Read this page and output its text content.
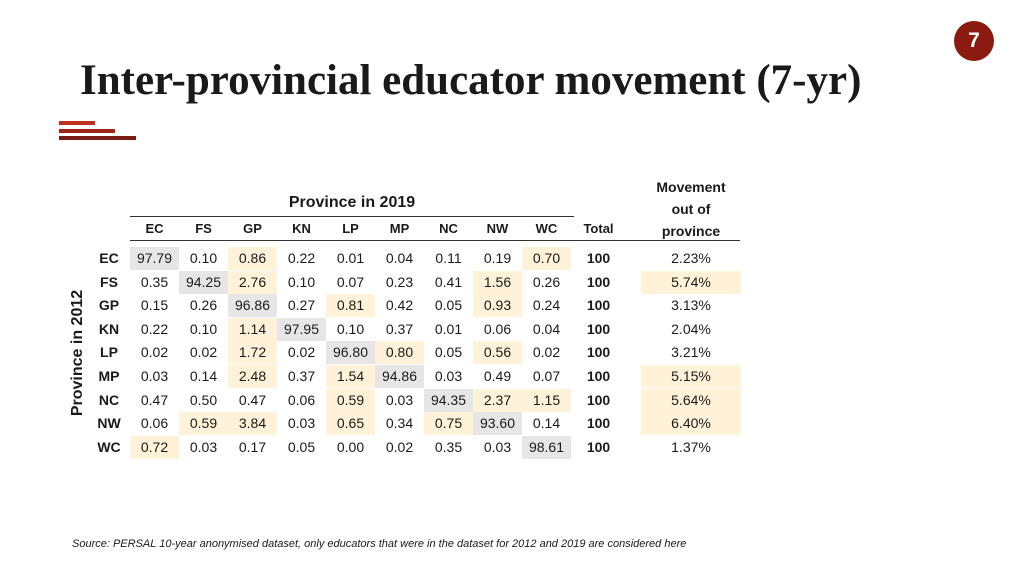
7
Inter-provincial educator movement (7-yr)
Province in 2019
Movement
out of
province
Total
Province in 2012
EC	FS	GP	KN	LP	MP	NC	NW	WC
EC	97.79	0.10	0.86	0.22	0.01	0.04	0.11	0.19	0.70	100	2.23%
FS	0.35	94.25	2.76	0.10	0.07	0.23	0.41	1.56	0.26	100	5.74%
GP	0.15	0.26	96.86	0.27	0.81	0.42	0.05	0.93	0.24	100	3.13%
KN	0.22	0.10	1.14	97.95	0.10	0.37	0.01	0.06	0.04	100	2.04%
LP	0.02	0.02	1.72	0.02	96.80	0.80	0.05	0.56	0.02	100	3.21%
MP	0.03	0.14	2.48	0.37	1.54	94.86	0.03	0.49	0.07	100	5.15%
NC	0.47	0.50	0.47	0.06	0.59	0.03	94.35	2.37	1.15	100	5.64%
NW	0.06	0.59	3.84	0.03	0.65	0.34	0.75	93.60	0.14	100	6.40%
WC	0.72	0.03	0.17	0.05	0.00	0.02	0.35	0.03	98.61	100	1.37%
Source: PERSAL 10-year anonymised dataset, only educators that were in the dataset for 2012 and 2019 are considered here
